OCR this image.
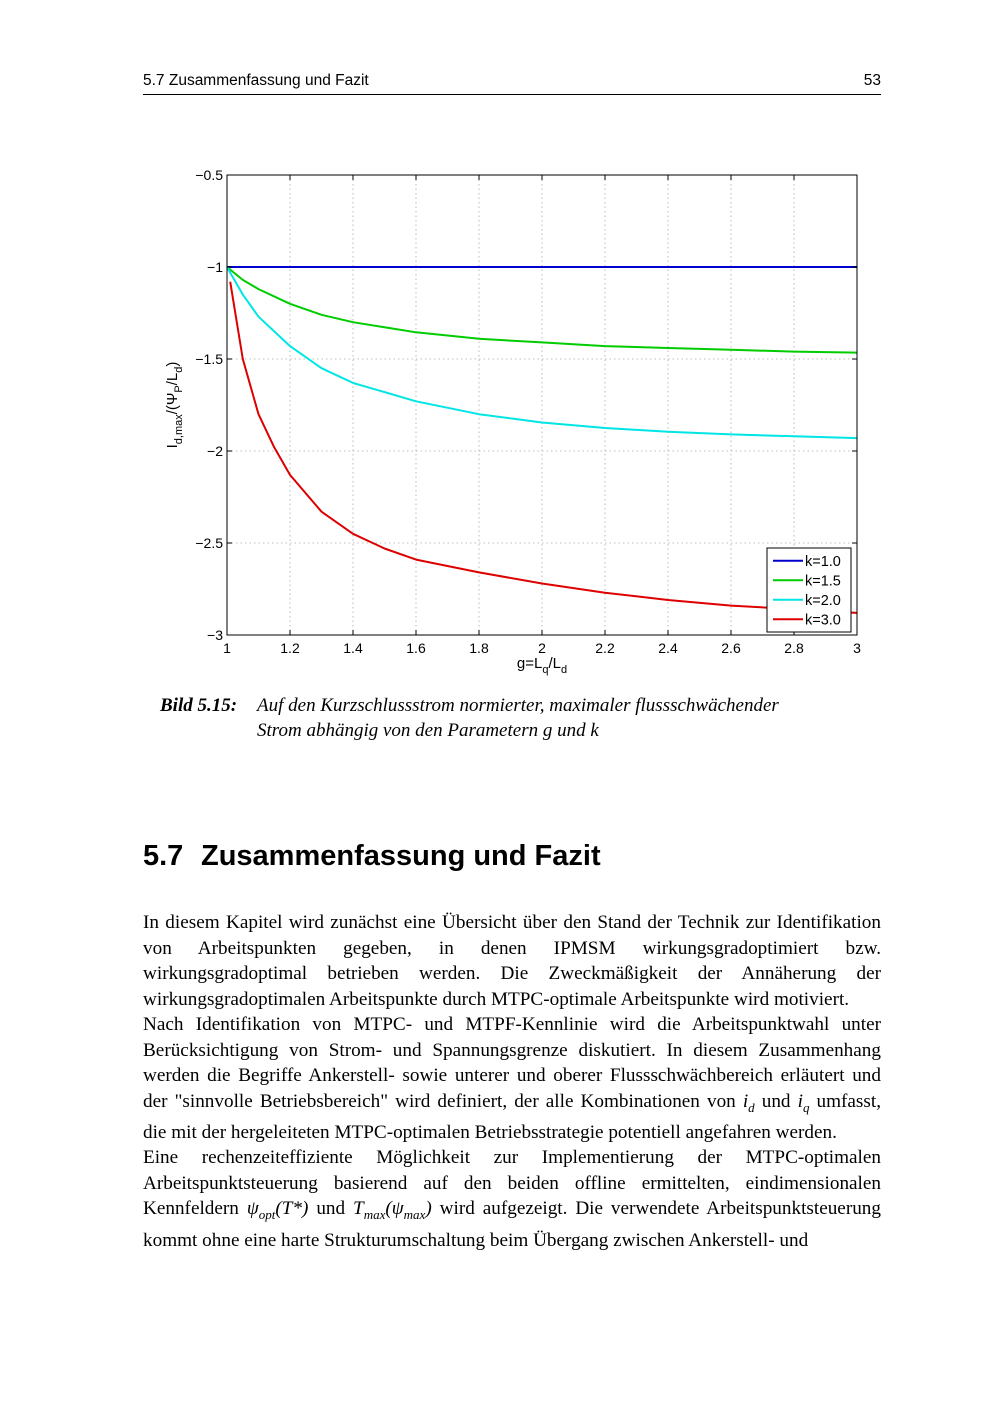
5.7 Zusammenfassung und Fazit	53
1	1.2	1.4	1.6	1.8	2	2.2	2.4	2.6	2.8	3
−3
−2.5
−2
−1.5
−1
−0.5
k=1.0
k=1.5
k=2.0
k=3.0
$g=L_q/L_d$
$I_{d,max}/(\Psi_P/L_d)$
Bild 5.15: Auf den Kurzschlussstrom normierter, maximaler flussschwächender
Strom abhängig von den Parametern g und k
5.7 Zusammenfassung und Fazit

In diesem Kapitel wird zunächst eine Übersicht über den Stand der Technik zur Identifikation von Arbeitspunkten gegeben, in denen IPMSM wirkungsgradoptimiert bzw. wirkungsgradoptimal betrieben werden. Die Zweckmäßigkeit der Annäherung der wirkungsgradoptimalen Arbeitspunkte durch MTPC-optimale Arbeitspunkte wird motiviert.

Nach Identifikation von MTPC- und MTPF-Kennlinie wird die Arbeitspunktwahl unter Berücksichtigung von Strom- und Spannungsgrenze diskutiert. In diesem Zusammenhang werden die Begriffe Ankerstell- sowie unterer und oberer Flussschwächbereich erläutert und der "sinnvolle Betriebsbereich" wird definiert, der alle Kombinationen von $i_d$ und $i_q$ umfasst, die mit der hergeleiteten MTPC-optimalen Betriebsstrategie potentiell angefahren werden.

Eine rechenzeiteffiziente Möglichkeit zur Implementierung der MTPC-optimalen Arbeitspunktsteuerung basierend auf den beiden offline ermittelten, eindimensionalen Kennfeldern $\psi_{opt}(T*)$ und $T_{max}(\psi_{max})$ wird aufgezeigt. Die verwendete Arbeitspunktsteuerung kommt ohne eine harte Strukturumschaltung beim Übergang zwischen Ankerstell- und
